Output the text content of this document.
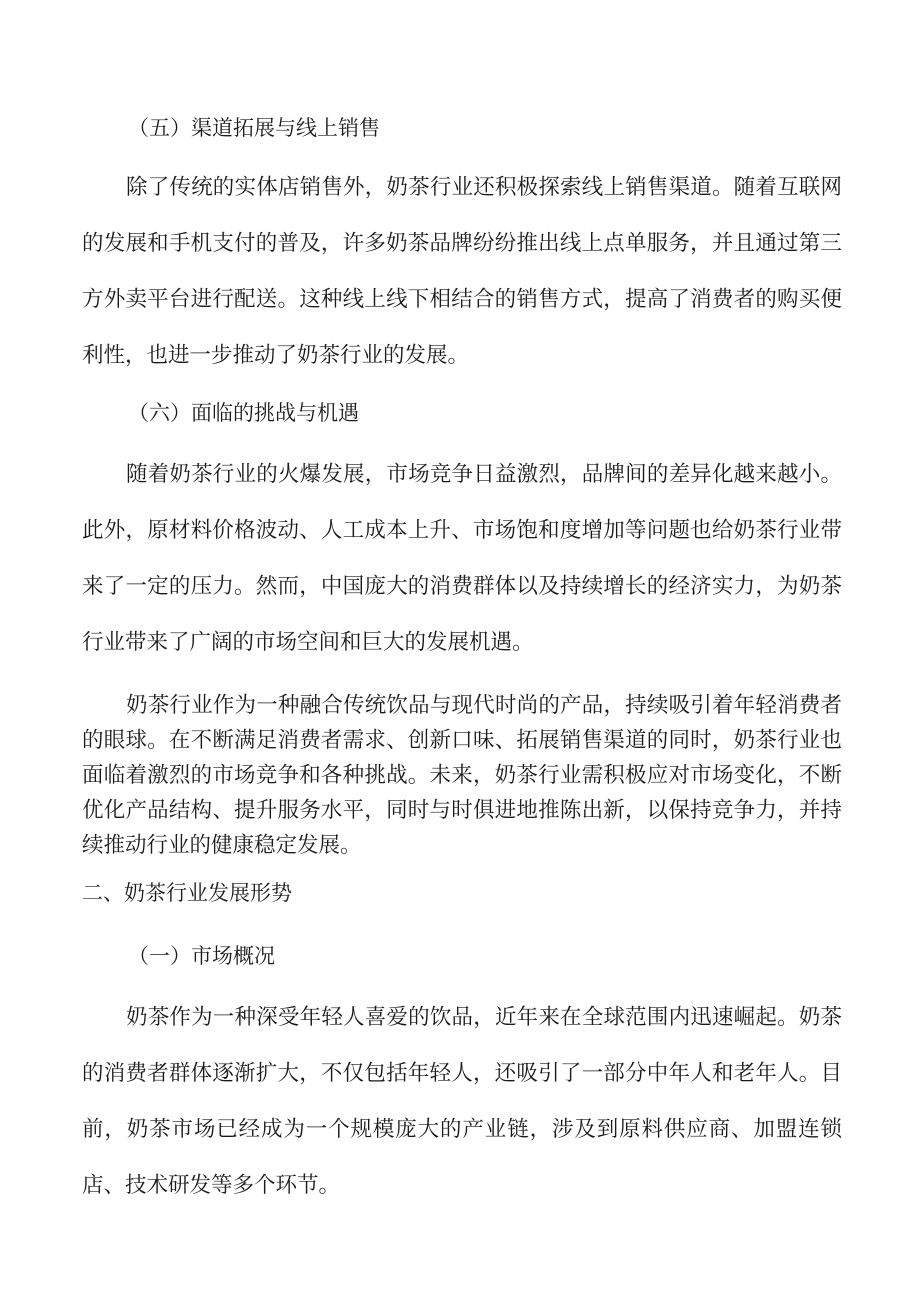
（五）渠道拓展与线上销售

除了传统的实体店销售外，奶茶行业还积极探索线上销售渠道。随着互联网的发展和手机支付的普及，许多奶茶品牌纷纷推出线上点单服务，并且通过第三方外卖平台进行配送。这种线上线下相结合的销售方式，提高了消费者的购买便利性，也进一步推动了奶茶行业的发展。

（六）面临的挑战与机遇

随着奶茶行业的火爆发展，市场竞争日益激烈，品牌间的差异化越来越小。此外，原材料价格波动、人工成本上升、市场饱和度增加等问题也给奶茶行业带来了一定的压力。然而，中国庞大的消费群体以及持续增长的经济实力，为奶茶行业带来了广阔的市场空间和巨大的发展机遇。

奶茶行业作为一种融合传统饮品与现代时尚的产品，持续吸引着年轻消费者的眼球。在不断满足消费者需求、创新口味、拓展销售渠道的同时，奶茶行业也面临着激烈的市场竞争和各种挑战。未来，奶茶行业需积极应对市场变化，不断优化产品结构、提升服务水平，同时与时俱进地推陈出新，以保持竞争力，并持续推动行业的健康稳定发展。

二、奶茶行业发展形势

（一）市场概况

奶茶作为一种深受年轻人喜爱的饮品，近年来在全球范围内迅速崛起。奶茶的消费者群体逐渐扩大，不仅包括年轻人，还吸引了一部分中年人和老年人。目前，奶茶市场已经成为一个规模庞大的产业链，涉及到原料供应商、加盟连锁店、技术研发等多个环节。
